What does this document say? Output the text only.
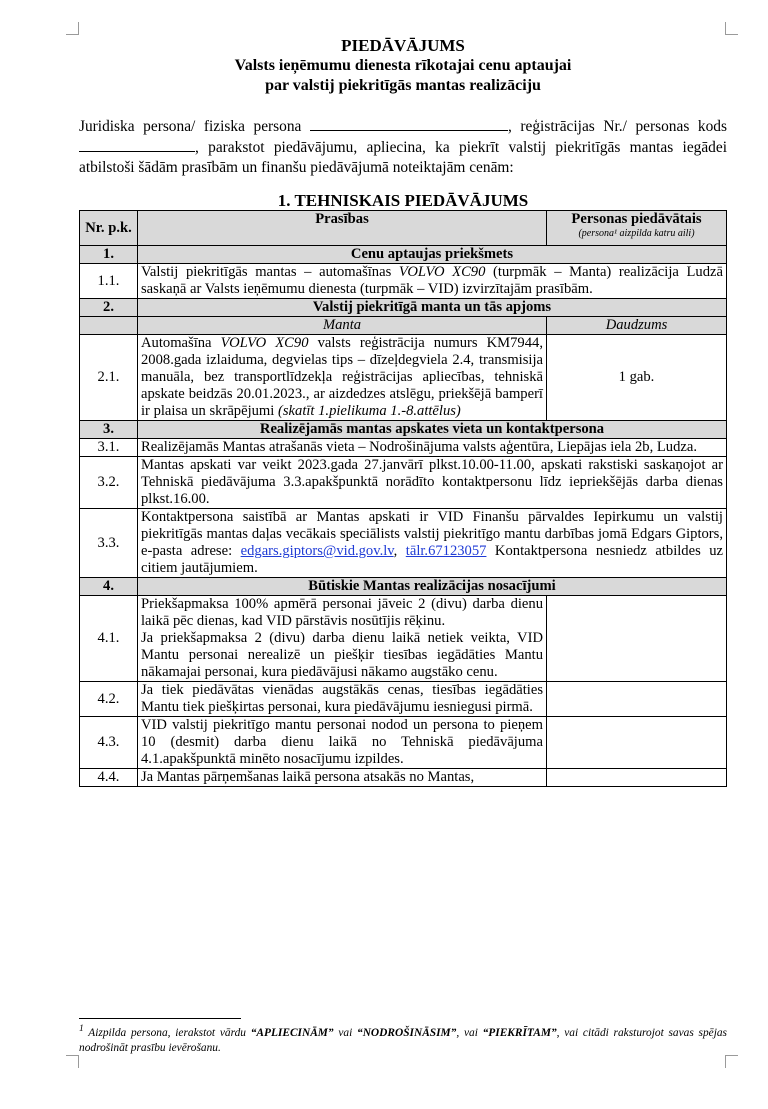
PIEDĀVĀJUMS
Valsts ieņēmumu dienesta rīkotajai cenu aptaujai
par valstij piekritīgās mantas realizāciju
Juridiska persona/ fiziska persona	, reģistrācijas Nr./ personas kods, parakstot piedāvājumu, apliecina, ka piekrīt valstij piekritīgās mantas iegādei atbilstoši šādām prasībām un finanšu piedāvājumā noteiktajām cenām:
1. TEHNISKAIS PIEDĀVĀJUMS
Nr. p.k.	Prasības	Personas piedāvātais
(persona¹ aizpilda katru aili)

1.	Cenu aptaujas priekšmets	
1.1.	Valstij piekritīgās mantas – automašīnas VOLVO XC90 (turpmāk – Manta) realizācija Ludzā saskaņā ar Valsts ieņēmumu dienesta (turpmāk – VID) izvirzītajām prasībām.	
2.	Valstij piekritīgā manta un tās apjoms	
	Manta	Daudzums
2.1.	Automašīna VOLVO XC90 valsts reģistrācija numurs KM7944, 2008.gada izlaiduma, degvielas tips – dīzeļdegviela 2.4, transmisija manuāla, bez transportlīdzekļa reģistrācijas apliecības, tehniskā apskate beidzās 20.01.2023., ar aizdedzes atslēgu, priekšējā bamperī ir plaisa un skrāpējumi (skatīt 1.pielikuma 1.-8.attēlus)	1 gab.
3.	Realizējamās mantas apskates vieta un kontaktpersona	
3.1.	Realizējamās Mantas atrašanās vieta – Nodrošinājuma valsts aģentūra, Liepājas iela 2b, Ludza.	
3.2.	Mantas apskati var veikt 2023.gada 27.janvārī plkst.10.00-11.00, apskati rakstiski saskaņojot ar Tehniskā piedāvājuma 3.3.apakšpunktā norādīto kontaktpersonu līdz iepriekšējās darba dienas plkst.16.00.	
3.3.	Kontaktpersona saistībā ar Mantas apskati ir VID Finanšu pārvaldes Iepirkumu un valstij piekritīgās mantas daļas vecākais speciālists valstij piekritīgo mantu darbības jomā Edgars Giptors, e-pasta adrese: edgars.giptors@vid.gov.lv, tālr.67123057 Kontaktpersona nesniedz atbildes uz citiem jautājumiem.	
4.	Būtiskie Mantas realizācijas nosacījumi	
4.1.	Priekšapmaksa 100% apmērā personai jāveic 2 (divu) darba dienu laikā pēc dienas, kad VID pārstāvis nosūtījis rēķinu.
Ja priekšapmaksa 2 (divu) darba dienu laikā netiek veikta, VID Mantu personai nerealizē un piešķir tiesības iegādāties Mantu nākamajai personai, kura piedāvājusi nākamo augstāko cenu.	

4.2.	Ja tiek piedāvātas vienādas augstākās cenas, tiesības iegādāties Mantu tiek piešķirtas personai, kura piedāvājumu iesniegusi pirmā.	
4.3.	VID valstij piekritīgo mantu personai nodod un persona to pieņem 10 (desmit) darba dienu laikā no Tehniskā piedāvājuma 4.1.apakšpunktā minēto nosacījumu izpildes.	
4.4.	Ja Mantas pārņemšanas laikā persona atsakās no Mantas,	
$^1$ Aizpilda persona, ierakstot vārdu “APLIECINĀM” vai “NODROŠINĀSIM”, vai “PIEKRĪTAM”, vai citādi raksturojot savas spējas nodrošināt prasību ievērošanu.
